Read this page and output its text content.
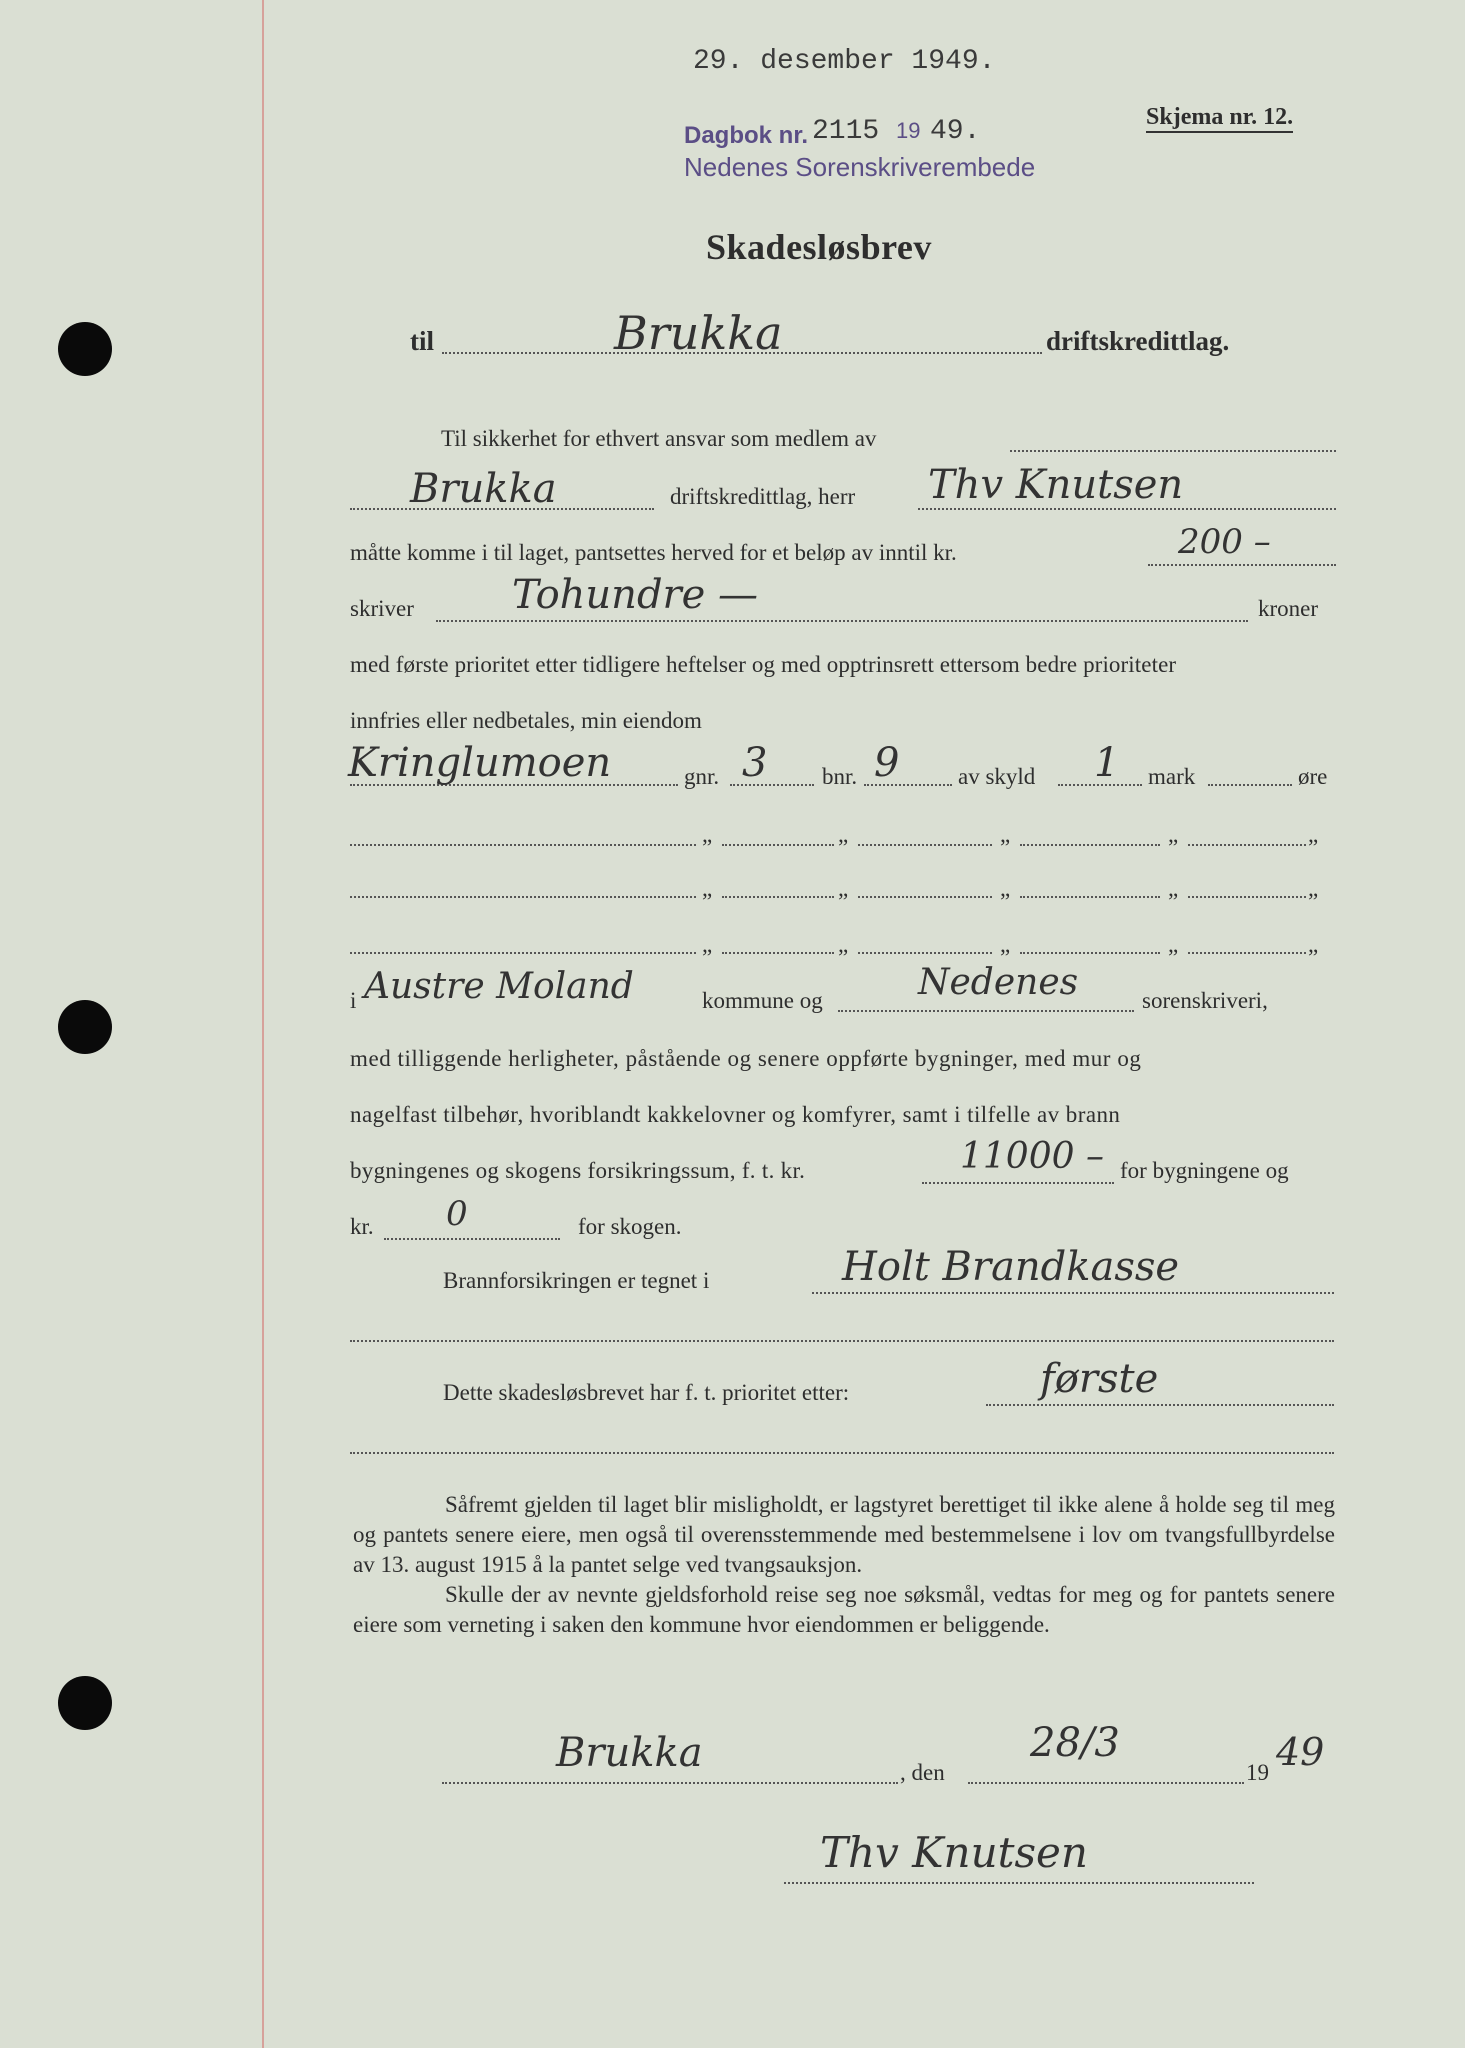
29. desember 1949.
Skjema nr. 12.
Dagbok nr. 2115 19 49.
Nedenes Sorenskriverembede
Skadesløsbrev
til	Brukka	driftskredittlag.
Til sikkerhet for ethvert ansvar som medlem av
Brukka	driftskredittlag, herr Thv Knutsen
måtte komme i til laget, pantsettes herved for et beløp av inntil kr.	200 –
skriver Tohundre —	kroner
med første prioritet etter tidligere heftelser og med opptrinsrett ettersom bedre prioriteter
innfries eller nedbetales, min eiendom
Kringlumoen	gnr. 3 bnr. 9	av skyld 1 mark	øre
„	„	„	„	„
„	„	„	„	„
„	„	„	„	„
i Austre Moland	kommune og	Nedenes	sorenskriveri,
med tilliggende herligheter, påstående og senere oppførte bygninger, med mur og
nagelfast tilbehør, hvoriblandt kakkelovner og komfyrer, samt i tilfelle av brann
bygningenes og skogens forsikringssum, f. t. kr.	11000 – for bygningene og
kr. 0	for skogen.
Brannforsikringen er tegnet i	Holt Brandkasse
Dette skadesløsbrevet har f. t. prioritet etter:	første

Såfremt gjelden til laget blir misligholdt, er lagstyret berettiget til ikke alene å holde seg til meg og pantets senere eiere, men også til overensstemmende med bestemmelsene i lov om tvangsfullbyrdelse av 13. august 1915 å la pantet selge ved tvangsauksjon.

Skulle der av nevnte gjeldsforhold reise seg noe søksmål, vedtas for meg og for pantets senere eiere som verneting i saken den kommune hvor eiendommen er beliggende.

Brukka	, den
28/3
19 49
Thv Knutsen
